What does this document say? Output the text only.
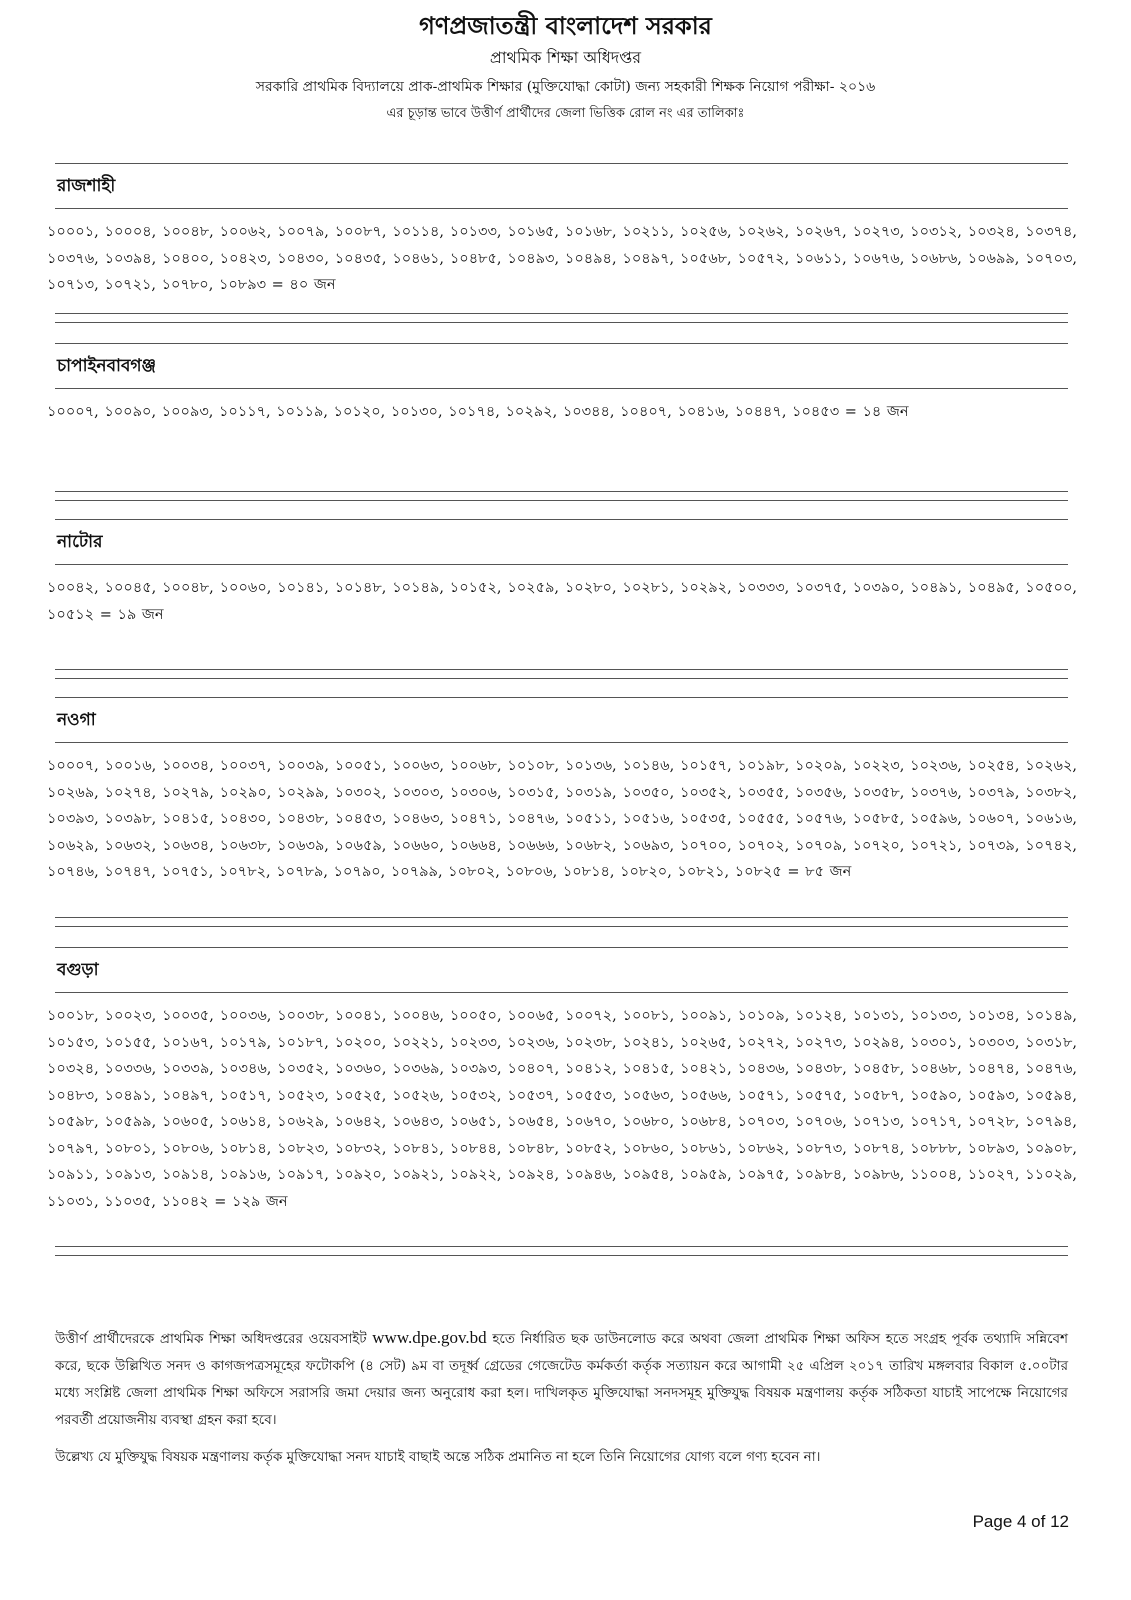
গণপ্রজাতন্ত্রী বাংলাদেশ সরকার
প্রাথমিক শিক্ষা অধিদপ্তর
সরকারি প্রাথমিক বিদ্যালয়ে প্রাক-প্রাথমিক শিক্ষার (মুক্তিযোদ্ধা কোটা) জন্য সহকারী শিক্ষক নিয়োগ পরীক্ষা- ২০১৬
এর চূড়ান্ত ভাবে উত্তীর্ণ প্রার্থীদের জেলা ভিত্তিক রোল নং এর তালিকাঃ
রাজশাহী
১০০০১, ১০০০৪, ১০০৪৮, ১০০৬২, ১০০৭৯, ১০০৮৭, ১০১১৪, ১০১৩৩, ১০১৬৫, ১০১৬৮, ১০২১১, ১০২৫৬, ১০২৬২, ১০২৬৭, ১০২৭৩, ১০৩১২, ১০৩২৪, ১০৩৭৪, ১০৩৭৬, ১০৩৯৪, ১০৪০০, ১০৪২৩, ১০৪৩০, ১০৪৩৫, ১০৪৬১, ১০৪৮৫, ১০৪৯৩, ১০৪৯৪, ১০৪৯৭, ১০৫৬৮, ১০৫৭২, ১০৬১১, ১০৬৭৬, ১০৬৮৬, ১০৬৯৯, ১০৭০৩, ১০৭১৩, ১০৭২১, ১০৭৮০, ১০৮৯৩ = ৪০ জন
চাপাইনবাবগঞ্জ
১০০০৭, ১০০৯০, ১০০৯৩, ১০১১৭, ১০১১৯, ১০১২০, ১০১৩০, ১০১৭৪, ১০২৯২, ১০৩৪৪, ১০৪০৭, ১০৪১৬, ১০৪৪৭, ১০৪৫৩ = ১৪ জন
নাটোর
১০০৪২, ১০০৪৫, ১০০৪৮, ১০০৬০, ১০১৪১, ১০১৪৮, ১০১৪৯, ১০১৫২, ১০২৫৯, ১০২৮০, ১০২৮১, ১০২৯২, ১০৩৩৩, ১০৩৭৫, ১০৩৯০, ১০৪৯১, ১০৪৯৫, ১০৫০০, ১০৫১২ = ১৯ জন
নওগা
১০০০৭, ১০০১৬, ১০০৩৪, ১০০৩৭, ১০০৩৯, ১০০৫১, ১০০৬৩, ১০০৬৮, ১০১০৮, ১০১৩৬, ১০১৪৬, ১০১৫৭, ১০১৯৮, ১০২০৯, ১০২২৩, ১০২৩৬, ১০২৫৪, ১০২৬২, ১০২৬৯, ১০২৭৪, ১০২৭৯, ১০২৯০, ১০২৯৯, ১০৩০২, ১০৩০৩, ১০৩০৬, ১০৩১৫, ১০৩১৯, ১০৩৫০, ১০৩৫২, ১০৩৫৫, ১০৩৫৬, ১০৩৫৮, ১০৩৭৬, ১০৩৭৯, ১০৩৮২, ১০৩৯৩, ১০৩৯৮, ১০৪১৫, ১০৪৩০, ১০৪৩৮, ১০৪৫৩, ১০৪৬৩, ১০৪৭১, ১০৪৭৬, ১০৫১১, ১০৫১৬, ১০৫৩৫, ১০৫৫৫, ১০৫৭৬, ১০৫৮৫, ১০৫৯৬, ১০৬০৭, ১০৬১৬, ১০৬২৯, ১০৬৩২, ১০৬৩৪, ১০৬৩৮, ১০৬৩৯, ১০৬৫৯, ১০৬৬০, ১০৬৬৪, ১০৬৬৬, ১০৬৮২, ১০৬৯৩, ১০৭০০, ১০৭০২, ১০৭০৯, ১০৭২০, ১০৭২১, ১০৭৩৯, ১০৭৪২, ১০৭৪৬, ১০৭৪৭, ১০৭৫১, ১০৭৮২, ১০৭৮৯, ১০৭৯০, ১০৭৯৯, ১০৮০২, ১০৮০৬, ১০৮১৪, ১০৮২০, ১০৮২১, ১০৮২৫ = ৮৫ জন
বগুড়া
১০০১৮, ১০০২৩, ১০০৩৫, ১০০৩৬, ১০০৩৮, ১০০৪১, ১০০৪৬, ১০০৫০, ১০০৬৫, ১০০৭২, ১০০৮১, ১০০৯১, ১০১০৯, ১০১২৪, ১০১৩১, ১০১৩৩, ১০১৩৪, ১০১৪৯, ১০১৫৩, ১০১৫৫, ১০১৬৭, ১০১৭৯, ১০১৮৭, ১০২০০, ১০২২১, ১০২৩৩, ১০২৩৬, ১০২৩৮, ১০২৪১, ১০২৬৫, ১০২৭২, ১০২৭৩, ১০২৯৪, ১০৩০১, ১০৩০৩, ১০৩১৮, ১০৩২৪, ১০৩৩৬, ১০৩৩৯, ১০৩৪৬, ১০৩৫২, ১০৩৬০, ১০৩৬৯, ১০৩৯৩, ১০৪০৭, ১০৪১২, ১০৪১৫, ১০৪২১, ১০৪৩৬, ১০৪৩৮, ১০৪৫৮, ১০৪৬৮, ১০৪৭৪, ১০৪৭৬, ১০৪৮৩, ১০৪৯১, ১০৪৯৭, ১০৫১৭, ১০৫২৩, ১০৫২৫, ১০৫২৬, ১০৫৩২, ১০৫৩৭, ১০৫৫৩, ১০৫৬৩, ১০৫৬৬, ১০৫৭১, ১০৫৭৫, ১০৫৮৭, ১০৫৯০, ১০৫৯৩, ১০৫৯৪, ১০৫৯৮, ১০৫৯৯, ১০৬০৫, ১০৬১৪, ১০৬২৯, ১০৬৪২, ১০৬৪৩, ১০৬৫১, ১০৬৫৪, ১০৬৭০, ১০৬৮০, ১০৬৮৪, ১০৭০৩, ১০৭০৬, ১০৭১৩, ১০৭১৭, ১০৭২৮, ১০৭৯৪, ১০৭৯৭, ১০৮০১, ১০৮০৬, ১০৮১৪, ১০৮২৩, ১০৮৩২, ১০৮৪১, ১০৮৪৪, ১০৮৪৮, ১০৮৫২, ১০৮৬০, ১০৮৬১, ১০৮৬২, ১০৮৭৩, ১০৮৭৪, ১০৮৮৮, ১০৮৯৩, ১০৯০৮, ১০৯১১, ১০৯১৩, ১০৯১৪, ১০৯১৬, ১০৯১৭, ১০৯২০, ১০৯২১, ১০৯২২, ১০৯২৪, ১০৯৪৬, ১০৯৫৪, ১০৯৫৯, ১০৯৭৫, ১০৯৮৪, ১০৯৮৬, ১১০০৪, ১১০২৭, ১১০২৯, ১১০৩১, ১১০৩৫, ১১০৪২ = ১২৯ জন
উত্তীর্ণ প্রার্থীদেরকে প্রাথমিক শিক্ষা অধিদপ্তরের ওয়েবসাইট www.dpe.gov.bd হতে নির্ধারিত ছক ডাউনলোড করে অথবা জেলা প্রাথমিক শিক্ষা অফিস হতে সংগ্রহ পূর্বক তথ্যাদি সন্নিবেশ করে, ছকে উল্লিখিত সনদ ও কাগজপত্রসমূহের ফটোকপি (৪ সেট) ৯ম বা তদূর্ধ্ব গ্রেডের গেজেটেড কর্মকর্তা কর্তৃক সত্যায়ন করে আগামী ২৫ এপ্রিল ২০১৭ তারিখ মঙ্গলবার বিকাল ৫.০০টার মধ্যে সংশ্লিষ্ট জেলা প্রাথমিক শিক্ষা অফিসে সরাসরি জমা দেয়ার জন্য অনুরোধ করা হল। দাখিলকৃত মুক্তিযোদ্ধা সনদসমূহ মুক্তিযুদ্ধ বিষয়ক মন্ত্রণালয় কর্তৃক সঠিকতা যাচাই সাপেক্ষে নিয়োগের পরবর্তী প্রয়োজনীয় ব্যবস্থা গ্রহন করা হবে।
উল্লেখ্য যে মুক্তিযুদ্ধ বিষয়ক মন্ত্রণালয় কর্তৃক মুক্তিযোদ্ধা সনদ যাচাই বাছাই অন্তে সঠিক প্রমানিত না হলে তিনি নিয়োগের যোগ্য বলে গণ্য হবেন না।
Page 4 of 12
